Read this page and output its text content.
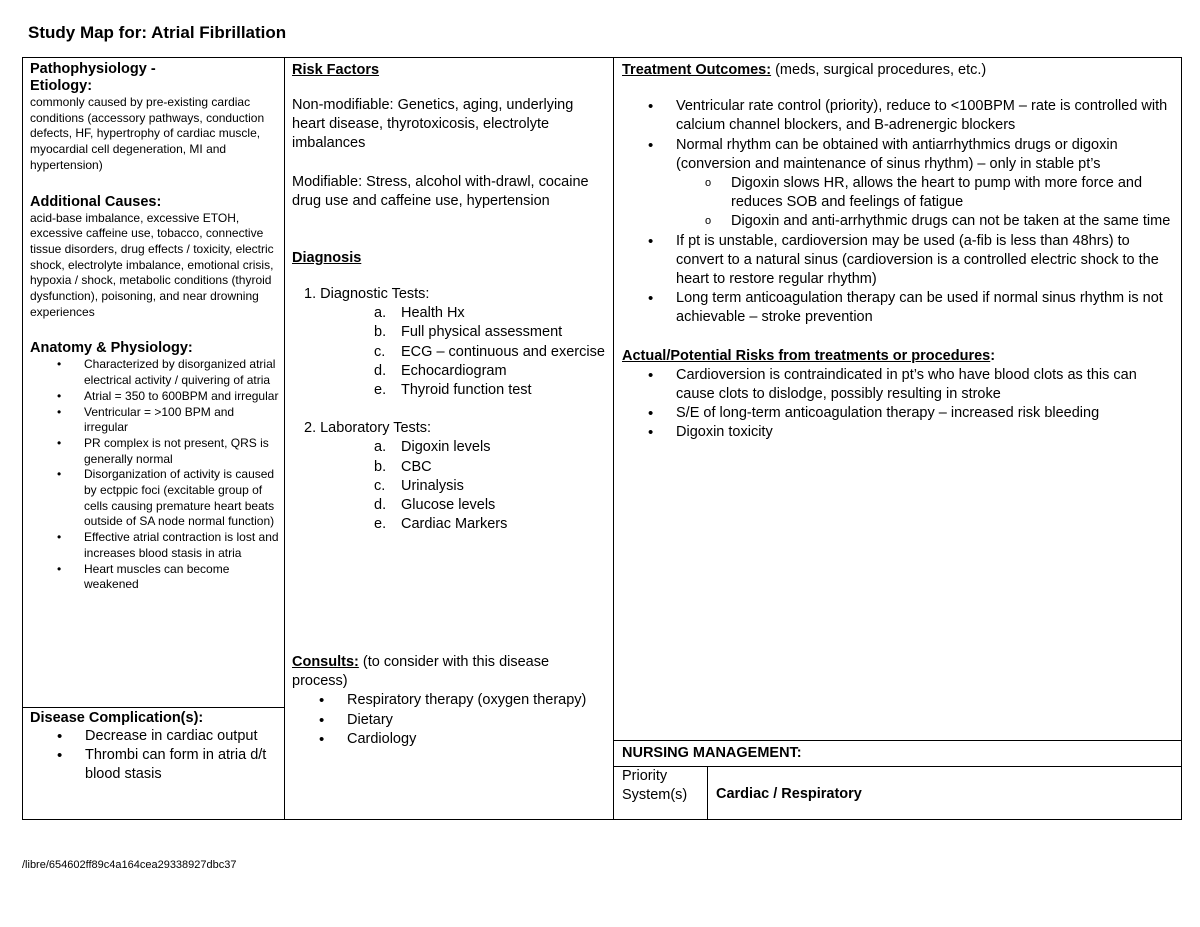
Study Map for: Atrial Fibrillation
Pathophysiology -
Etiology:
commonly caused by pre-existing cardiac conditions (accessory pathways, conduction defects, HF, hypertrophy of cardiac muscle, myocardial cell degeneration, MI and hypertension)
Additional Causes:
acid-base imbalance, excessive ETOH, excessive caffeine use, tobacco, connective tissue disorders, drug effects / toxicity, electric shock, electrolyte imbalance, emotional crisis, hypoxia / shock, metabolic conditions (thyroid dysfunction), poisoning, and near drowning experiences
Anatomy & Physiology:
• Characterized by disorganized atrial electrical activity / quivering of atria
• Atrial = 350 to 600BPM and irregular
• Ventricular = >100 BPM and irregular
• PR complex is not present, QRS is generally normal
• Disorganization of activity is caused by ectppic foci (excitable group of cells causing premature heart beats outside of SA node normal function)
• Effective atrial contraction is lost and increases blood stasis in atria
• Heart muscles can become weakened
Disease Complication(s):
• Decrease in cardiac output
• Thrombi can form in atria d/t blood stasis
Risk Factors
Non-modifiable: Genetics, aging, underlying heart disease, thyrotoxicosis, electrolyte imbalances
Modifiable: Stress, alcohol with-drawl, cocaine drug use and caffeine use, hypertension
Diagnosis
1. Diagnostic Tests:
a. Health Hx
b. Full physical assessment
c. ECG – continuous and exercise
d. Echocardiogram
e. Thyroid function test
2. Laboratory Tests:
a. Digoxin levels
b. CBC
c. Urinalysis
d. Glucose levels
e. Cardiac Markers
Consults: (to consider with this disease process)
• Respiratory therapy (oxygen therapy)
• Dietary
• Cardiology
Treatment Outcomes: (meds, surgical procedures, etc.)
• Ventricular rate control (priority), reduce to <100BPM – rate is controlled with calcium channel blockers, and B-adrenergic blockers
• Normal rhythm can be obtained with antiarrhythmics drugs or digoxin (conversion and maintenance of sinus rhythm) – only in stable pt’s
o Digoxin slows HR, allows the heart to pump with more force and reduces SOB and feelings of fatigue
o Digoxin and anti-arrhythmic drugs can not be taken at the same time
• If pt is unstable, cardioversion may be used (a-fib is less than 48hrs) to convert to a natural sinus (cardioversion is a controlled electric shock to the heart to restore regular rhythm)
• Long term anticoagulation therapy can be used if normal sinus rhythm is not achievable – stroke prevention
Actual/Potential Risks from treatments or procedures:
• Cardioversion is contraindicated in pt’s who have blood clots as this can cause clots to dislodge, possibly resulting in stroke
• S/E of long-term anticoagulation therapy – increased risk bleeding
• Digoxin toxicity
NURSING MANAGEMENT:
Priority System(s)	Cardiac / Respiratory
/libre/654602ff89c4a164cea29338927dbc37
